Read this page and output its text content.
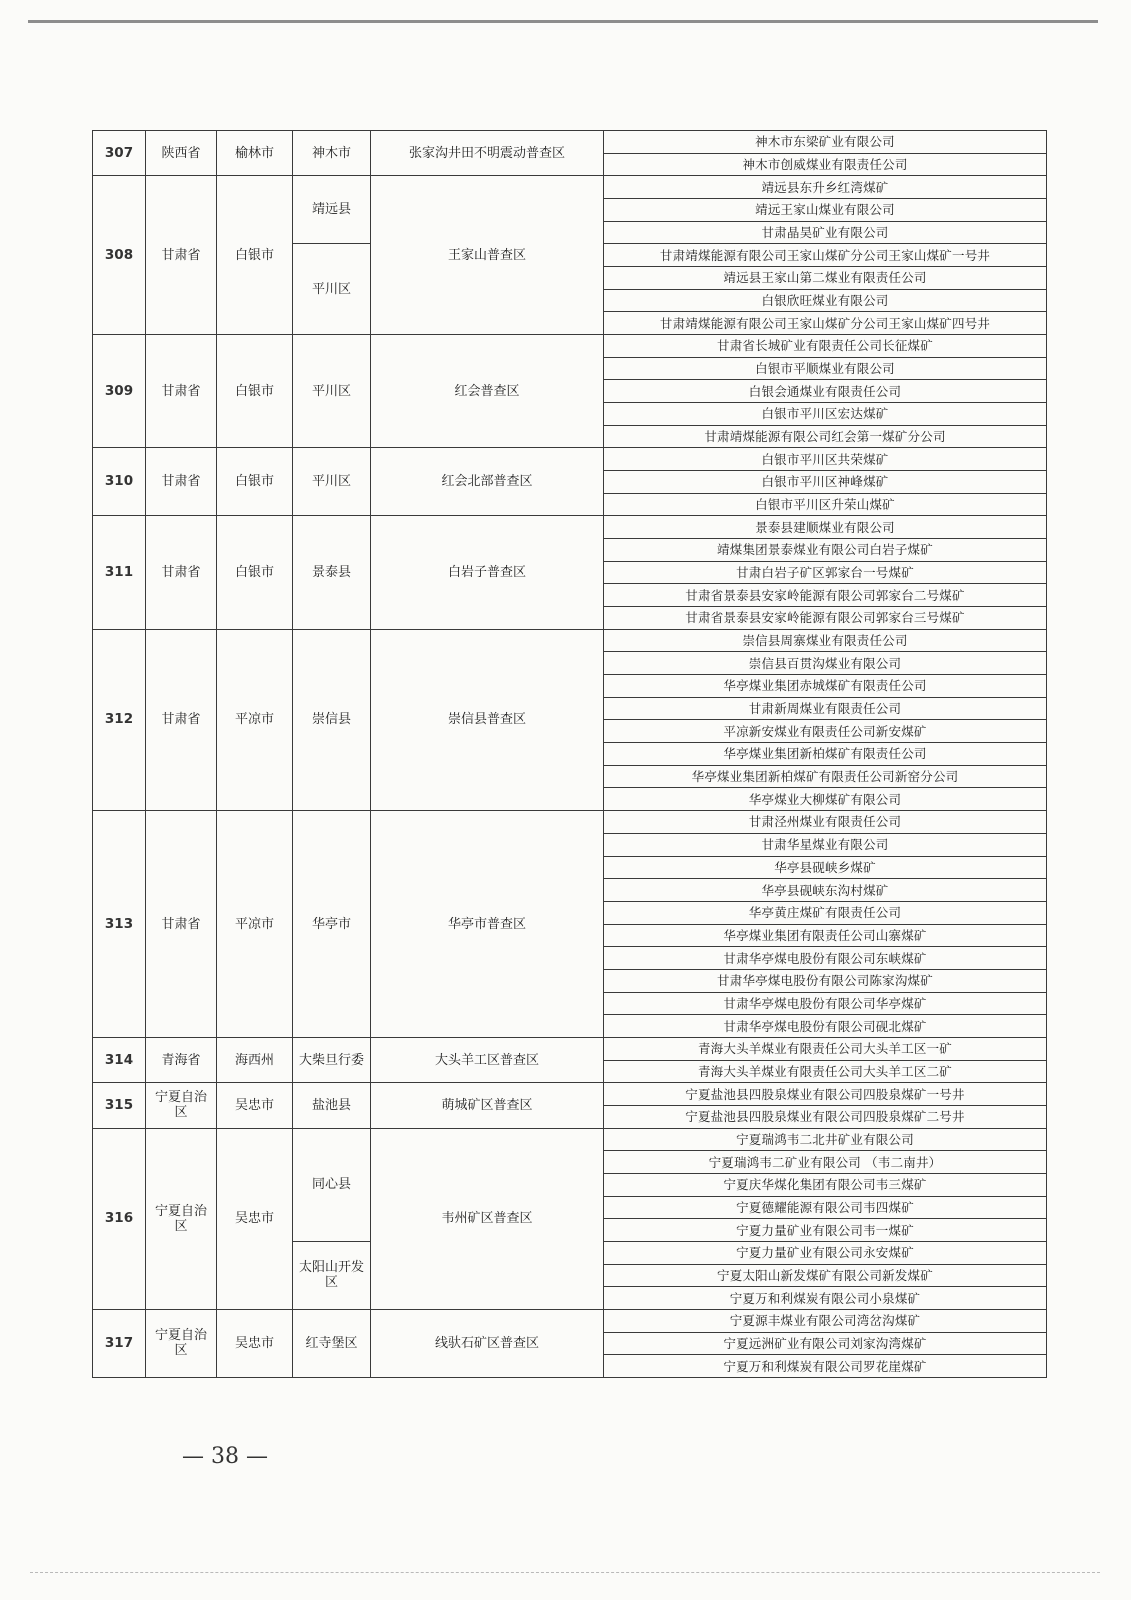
307	陕西省	榆林市	神木市	张家沟井田不明震动普查区	神木市东梁矿业有限公司
					神木市创威煤业有限责任公司
308	甘肃省	白银市	靖远县	王家山普查区	靖远县东升乡红湾煤矿
					靖远王家山煤业有限公司
					甘肃晶昊矿业有限公司
			平川区		甘肃靖煤能源有限公司王家山煤矿分公司王家山煤矿一号井
					靖远县王家山第二煤业有限责任公司
					白银欣旺煤业有限公司
					甘肃靖煤能源有限公司王家山煤矿分公司王家山煤矿四号井
309	甘肃省	白银市	平川区	红会普查区	甘肃省长城矿业有限责任公司长征煤矿
					白银市平顺煤业有限公司
					白银会通煤业有限责任公司
					白银市平川区宏达煤矿
					甘肃靖煤能源有限公司红会第一煤矿分公司
310	甘肃省	白银市	平川区	红会北部普查区	白银市平川区共荣煤矿
					白银市平川区神峰煤矿
					白银市平川区升荣山煤矿
311	甘肃省	白银市	景泰县	白岩子普查区	景泰县建顺煤业有限公司
					靖煤集团景泰煤业有限公司白岩子煤矿
					甘肃白岩子矿区郭家台一号煤矿
					甘肃省景泰县安家岭能源有限公司郭家台二号煤矿
					甘肃省景泰县安家岭能源有限公司郭家台三号煤矿
312	甘肃省	平凉市	崇信县	崇信县普查区	崇信县周寨煤业有限责任公司
					崇信县百贯沟煤业有限公司
					华亭煤业集团赤城煤矿有限责任公司
					甘肃新周煤业有限责任公司
					平凉新安煤业有限责任公司新安煤矿
					华亭煤业集团新柏煤矿有限责任公司
					华亭煤业集团新柏煤矿有限责任公司新窑分公司
					华亭煤业大柳煤矿有限公司
313	甘肃省	平凉市	华亭市	华亭市普查区	甘肃泾州煤业有限责任公司
					甘肃华星煤业有限公司
					华亭县砚峡乡煤矿
					华亭县砚峡东沟村煤矿
					华亭黄庄煤矿有限责任公司
					华亭煤业集团有限责任公司山寨煤矿
					甘肃华亭煤电股份有限公司东峡煤矿
					甘肃华亭煤电股份有限公司陈家沟煤矿
					甘肃华亭煤电股份有限公司华亭煤矿
					甘肃华亭煤电股份有限公司砚北煤矿
314	青海省	海西州	大柴旦行委	大头羊工区普查区	青海大头羊煤业有限责任公司大头羊工区一矿
					青海大头羊煤业有限责任公司大头羊工区二矿
315	宁夏自治区	吴忠市	盐池县	萌城矿区普查区	宁夏盐池县四股泉煤业有限公司四股泉煤矿一号井
					宁夏盐池县四股泉煤业有限公司四股泉煤矿二号井
316	宁夏自治区	吴忠市	同心县	韦州矿区普查区	宁夏瑞鸿韦二北井矿业有限公司
					宁夏瑞鸿韦二矿业有限公司 （韦二南井）
					宁夏庆华煤化集团有限公司韦三煤矿
					宁夏德耀能源有限公司韦四煤矿
					宁夏力量矿业有限公司韦一煤矿
			太阳山开发区		宁夏力量矿业有限公司永安煤矿
					宁夏太阳山新发煤矿有限公司新发煤矿
					宁夏万和利煤炭有限公司小泉煤矿
317	宁夏自治区	吴忠市	红寺堡区	线驮石矿区普查区	宁夏源丰煤业有限公司湾岔沟煤矿
					宁夏远洲矿业有限公司刘家沟湾煤矿
					宁夏万和利煤炭有限公司罗花崖煤矿
— 38 —
